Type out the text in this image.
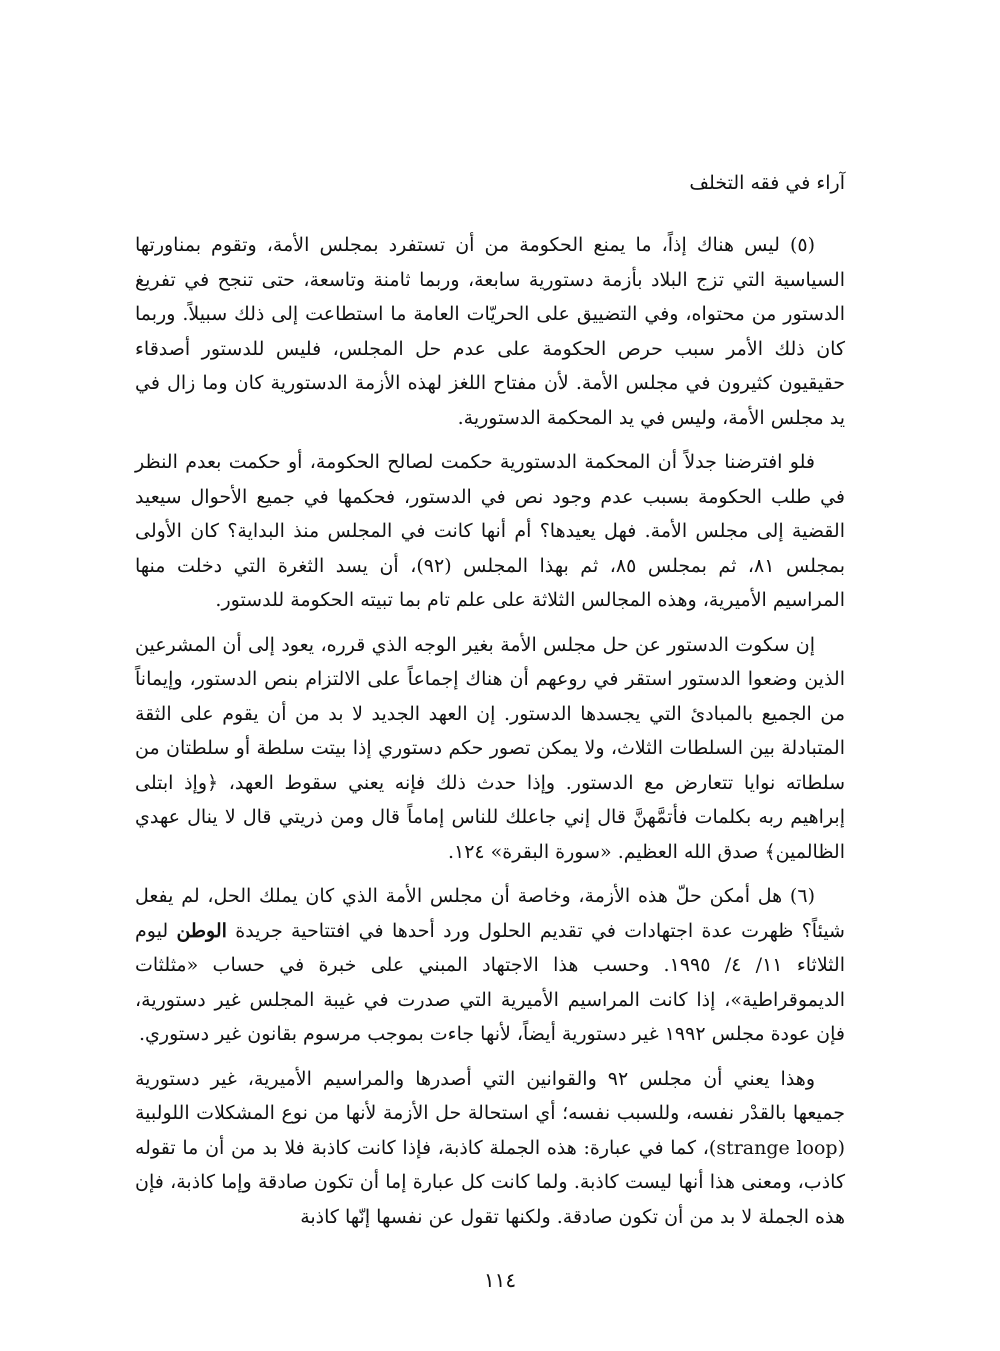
آراء في فقه التخلف

(٥) ليس هناك إذاً، ما يمنع الحكومة من أن تستفرد بمجلس الأمة، وتقوم بمناورتها السياسية التي تزج البلاد بأزمة دستورية سابعة، وربما ثامنة وتاسعة، حتى تنجح في تفريغ الدستور من محتواه، وفي التضييق على الحريّات العامة ما استطاعت إلى ذلك سبيلاً. وربما كان ذلك الأمر سبب حرص الحكومة على عدم حل المجلس، فليس للدستور أصدقاء حقيقيون كثيرون في مجلس الأمة. لأن مفتاح اللغز لهذه الأزمة الدستورية كان وما زال في يد مجلس الأمة، وليس في يد المحكمة الدستورية.

فلو افترضنا جدلاً أن المحكمة الدستورية حكمت لصالح الحكومة، أو حكمت بعدم النظر في طلب الحكومة بسبب عدم وجود نص في الدستور، فحكمها في جميع الأحوال سيعيد القضية إلى مجلس الأمة. فهل يعيدها؟ أم أنها كانت في المجلس منذ البداية؟ كان الأولى بمجلس ٨١، ثم بمجلس ٨٥، ثم بهذا المجلس (٩٢)، أن يسد الثغرة التي دخلت منها المراسيم الأميرية، وهذه المجالس الثلاثة على علم تام بما تبيته الحكومة للدستور.

إن سكوت الدستور عن حل مجلس الأمة بغير الوجه الذي قرره، يعود إلى أن المشرعين الذين وضعوا الدستور استقر في روعهم أن هناك إجماعاً على الالتزام بنص الدستور، وإيماناً من الجميع بالمبادئ التي يجسدها الدستور. إن العهد الجديد لا بد من أن يقوم على الثقة المتبادلة بين السلطات الثلاث، ولا يمكن تصور حكم دستوري إذا بيتت سلطة أو سلطتان من سلطاته نوايا تتعارض مع الدستور. وإذا حدث ذلك فإنه يعني سقوط العهد، ﴿وإذ ابتلى إبراهيم ربه بكلمات فأتمَّهنَّ قال إني جاعلك للناس إماماً قال ومن ذريتي قال لا ينال عهدي الظالمين﴾ صدق الله العظيم. «سورة البقرة» ١٢٤.

(٦) هل أمكن حلّ هذه الأزمة، وخاصة أن مجلس الأمة الذي كان يملك الحل، لم يفعل شيئاً؟ ظهرت عدة اجتهادات في تقديم الحلول ورد أحدها في افتتاحية جريدة الوطن ليوم الثلاثاء ١١/ ٤/ ١٩٩٥. وحسب هذا الاجتهاد المبني على خبرة في حساب «مثلثات الديموقراطية»، إذا كانت المراسيم الأميرية التي صدرت في غيبة المجلس غير دستورية، فإن عودة مجلس ١٩٩٢ غير دستورية أيضاً، لأنها جاءت بموجب مرسوم بقانون غير دستوري.

وهذا يعني أن مجلس ٩٢ والقوانين التي أصدرها والمراسيم الأميرية، غير دستورية جميعها بالقدْر نفسه، وللسبب نفسه؛ أي استحالة حل الأزمة لأنها من نوع المشكلات اللولبية (strange loop)، كما في عبارة: هذه الجملة كاذبة، فإذا كانت كاذبة فلا بد من أن ما تقوله كاذب، ومعنى هذا أنها ليست كاذبة. ولما كانت كل عبارة إما أن تكون صادقة وإما كاذبة، فإن هذه الجملة لا بد من أن تكون صادقة. ولكنها تقول عن نفسها إنّها كاذبة

١١٤
